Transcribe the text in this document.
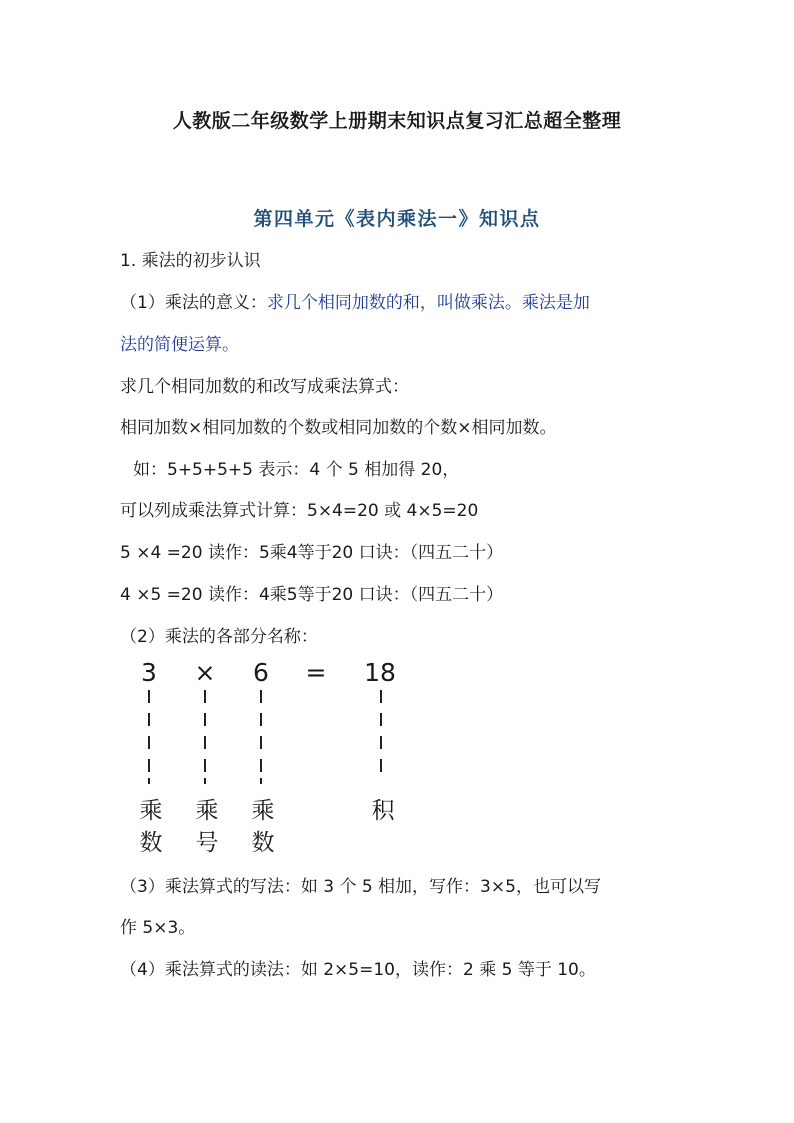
人教版二年级数学上册期末知识点复习汇总超全整理
第四单元《表内乘法一》知识点
1. 乘法的初步认识
（1）乘法的意义：求几个相同加数的和，叫做乘法。乘法是加
法的简便运算。
求几个相同加数的和改写成乘法算式：
相同加数×相同加数的个数或相同加数的个数×相同加数。
如：5+5+5+5 表示：4 个 5 相加得 20，
可以列成乘法算式计算：5×4=20 或 4×5=20
5 ×4 =20 读作：5乘4等于20 口诀：（四五二十）
4 ×5 =20 读作：4乘5等于20 口诀：（四五二十）
（2）乘法的各部分名称：
3	×	6	=	18
乘
数
乘
号
乘
数
积
（3）乘法算式的写法：如 3 个 5 相加，写作：3×5，也可以写
作 5×3。
（4）乘法算式的读法：如 2×5=10，读作：2 乘 5 等于 10。
